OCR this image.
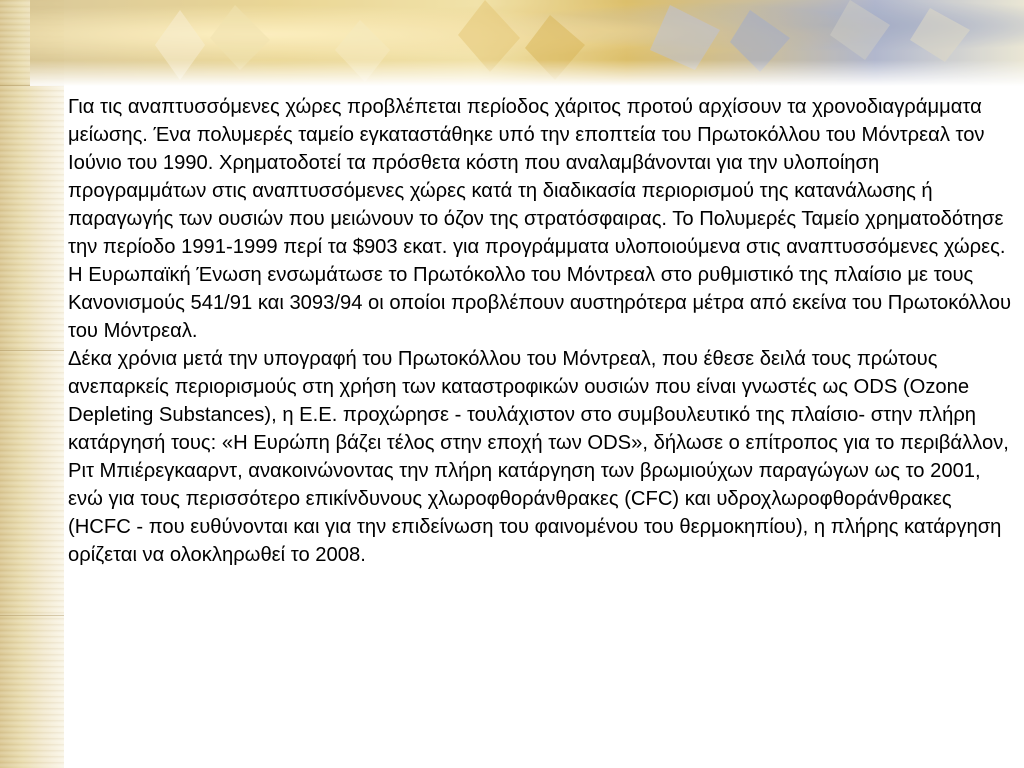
Για τις αναπτυσσόμενες χώρες προβλέπεται περίοδος χάριτος προτού αρχίσουν τα χρονοδιαγράμματα μείωσης. Ένα πολυμερές ταμείο εγκαταστάθηκε υπό την εποπτεία του Πρωτοκόλλου του Μόντρεαλ τον Ιούνιο του 1990. Χρηματοδοτεί τα πρόσθετα κόστη που αναλαμβάνονται για την υλοποίηση προγραμμάτων στις αναπτυσσόμενες χώρες κατά τη διαδικασία περιορισμού της κατανάλωσης ή παραγωγής των ουσιών που μειώνουν το όζον της στρατόσφαιρας. Το Πολυμερές Ταμείο χρηματοδότησε την περίοδο 1991-1999 περί τα $903 εκατ. για προγράμματα υλοποιούμενα στις αναπτυσσόμενες χώρες.

Η Ευρωπαϊκή Ένωση ενσωμάτωσε το Πρωτόκολλο του Μόντρεαλ στο ρυθμιστικό της πλαίσιο με τους Κανονισμούς 541/91 και 3093/94 οι οποίοι προβλέπουν αυστηρότερα μέτρα από εκείνα του Πρωτοκόλλου του Μόντρεαλ.

Δέκα χρόνια μετά την υπογραφή του Πρωτοκόλλου του Μόντρεαλ, που έθεσε δειλά τους πρώτους ανεπαρκείς περιορισμούς στη χρήση των καταστροφικών ουσιών που είναι γνωστές ως ODS (Ozone Depleting Substances), η Ε.Ε. προχώρησε - τουλάχιστον στο συμβουλευτικό της πλαίσιο- στην πλήρη κατάργησή τους: «Η Ευρώπη βάζει τέλος στην εποχή των ODS», δήλωσε ο επίτροπος για το περιβάλλον, Ριτ Μπιέρεγκααρντ, ανακοινώνοντας την πλήρη κατάργηση των βρωμιούχων παραγώγων ως το 2001, ενώ για τους περισσότερο επικίνδυνους χλωροφθοράνθρακες (CFC) και υδροχλωροφθοράνθρακες (HCFC - που ευθύνονται και για την επιδείνωση του φαινομένου του θερμοκηπίου), η πλήρης κατάργηση ορίζεται να ολοκληρωθεί το 2008.
